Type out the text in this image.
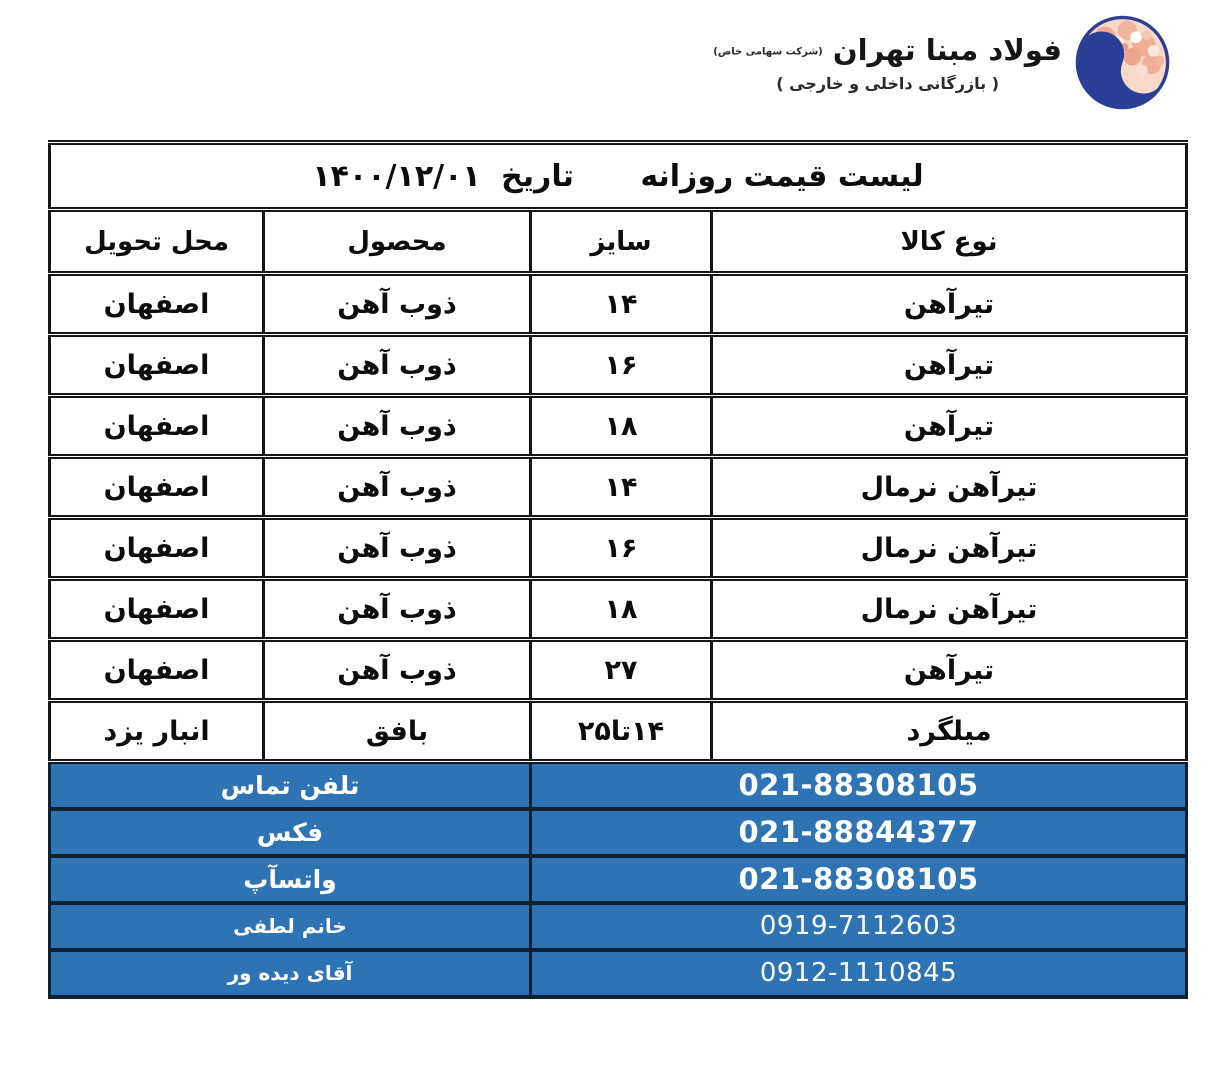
فولاد مبنا تهران (شرکت سهامی خاص)
( بازرگانی داخلی و خارجی )
لیست قیمت روزانه تاریخ ۱۴۰۰/۱۲/۰۱			
نوع کالا	سایز	محصول	محل تحویل
تیرآهن	۱۴	ذوب آهن	اصفهان
تیرآهن	۱۶	ذوب آهن	اصفهان
تیرآهن	۱۸	ذوب آهن	اصفهان
تیرآهن نرمال	۱۴	ذوب آهن	اصفهان
تیرآهن نرمال	۱۶	ذوب آهن	اصفهان
تیرآهن نرمال	۱۸	ذوب آهن	اصفهان
تیرآهن	۲۷	ذوب آهن	اصفهان
میلگرد	۱۴تا۲۵	بافق	انبار یزد
021-88308105		تلفن تماس	
021-88844377		فکس	
021-88308105		واتسآپ	
0919-7112603		خانم لطفی	
0912-1110845		آقای دیده ور	
